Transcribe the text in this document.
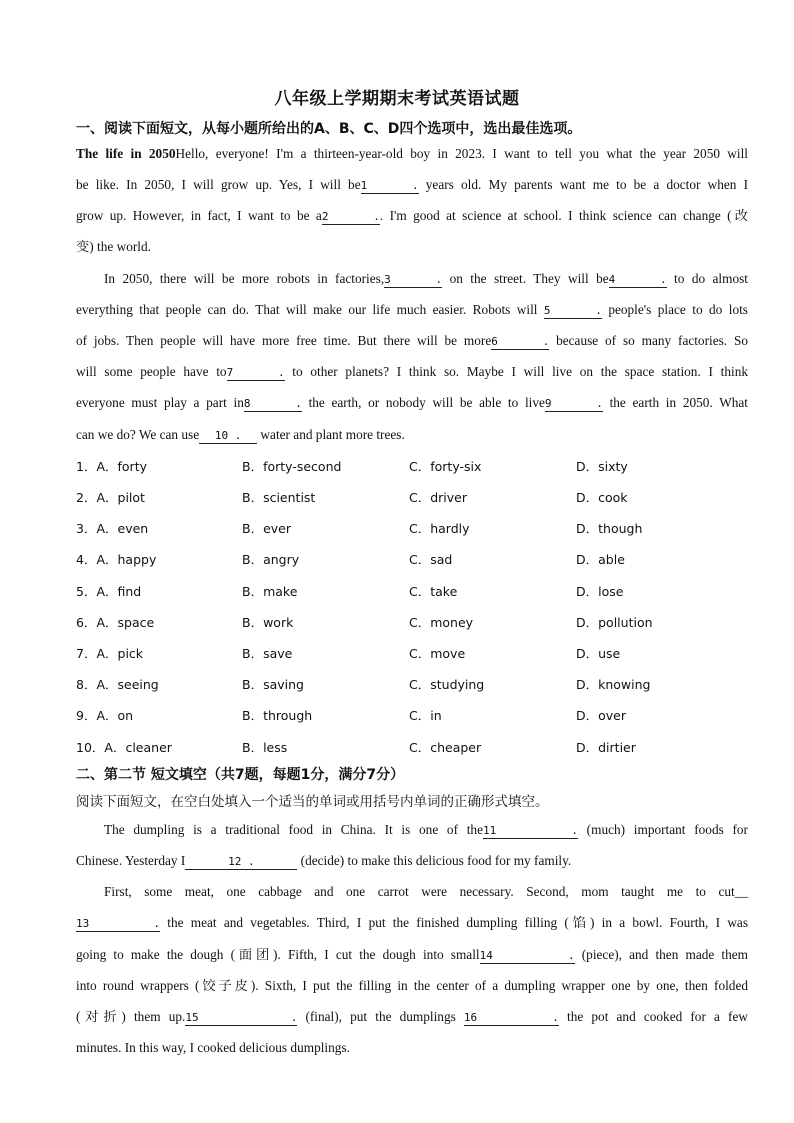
八年级上学期期末考试英语试题
一、阅读下面短文，从每小题所给出的A、B、C、D四个选项中，选出最佳选项。
The life in 2050Hello, everyone! I'm a thirteen-year-old boy in 2023. I want to tell you what the year 2050 will
be like. In 2050, I will grow up. Yes, I will be1 . years old. My parents want me to be a doctor when I
grow up. However, in fact, I want to be a2 .. I'm good at science at school. I think science can change (改
变) the world.
In 2050, there will be more robots in factories,3 . on the street. They will be4 . to do almost
everything that people can do. That will make our life much easier. Robots will 5 . people's place to do lots
of jobs. Then people will have more free time. But there will be more6 . because of so many factories. So
will some people have to7 . to other planets? I think so. Maybe I will live on the space station. I think
everyone must play a part in8 . the earth, or nobody will be able to live9 . the earth in 2050. What
can we do? We can use 10 . water and plant more trees.
1．A．forty	B．forty-second	C．forty-six	D．sixty
2．A．pilot	B．scientist	C．driver	D．cook
3．A．even	B．ever	C．hardly	D．though
4．A．happy	B．angry	C．sad	D．able
5．A．find	B．make	C．take	D．lose
6．A．space	B．work	C．money	D．pollution
7．A．pick	B．save	C．move	D．use
8．A．seeing	B．saving	C．studying	D．knowing
9．A．on	B．through	C．in	D．over
10．A．cleaner	B．less	C．cheaper	D．dirtier
二、第二节 短文填空（共7题，每题1分，满分7分）
阅读下面短文，在空白处填入一个适当的单词或用括号内单词的正确形式填空。
The dumpling is a traditional food in China. It is one of the11 . (much) important foods for
Chinese. Yesterday I	12 .	(decide) to make this delicious food for my family.
First, some meat, one cabbage and one carrot were necessary. Second, mom taught me to cut__
13 . the meat and vegetables. Third, I put the finished dumpling filling (馅) in a bowl. Fourth, I was
going to make the dough (面团). Fifth, I cut the dough into small14 . (piece), and then made them
into round wrappers (饺子皮). Sixth, I put the filling in the center of a dumpling wrapper one by one, then folded
(对折) them up.15 . (final), put the dumplings 16 . the pot and cooked for a few
minutes. In this way, I cooked delicious dumplings.
